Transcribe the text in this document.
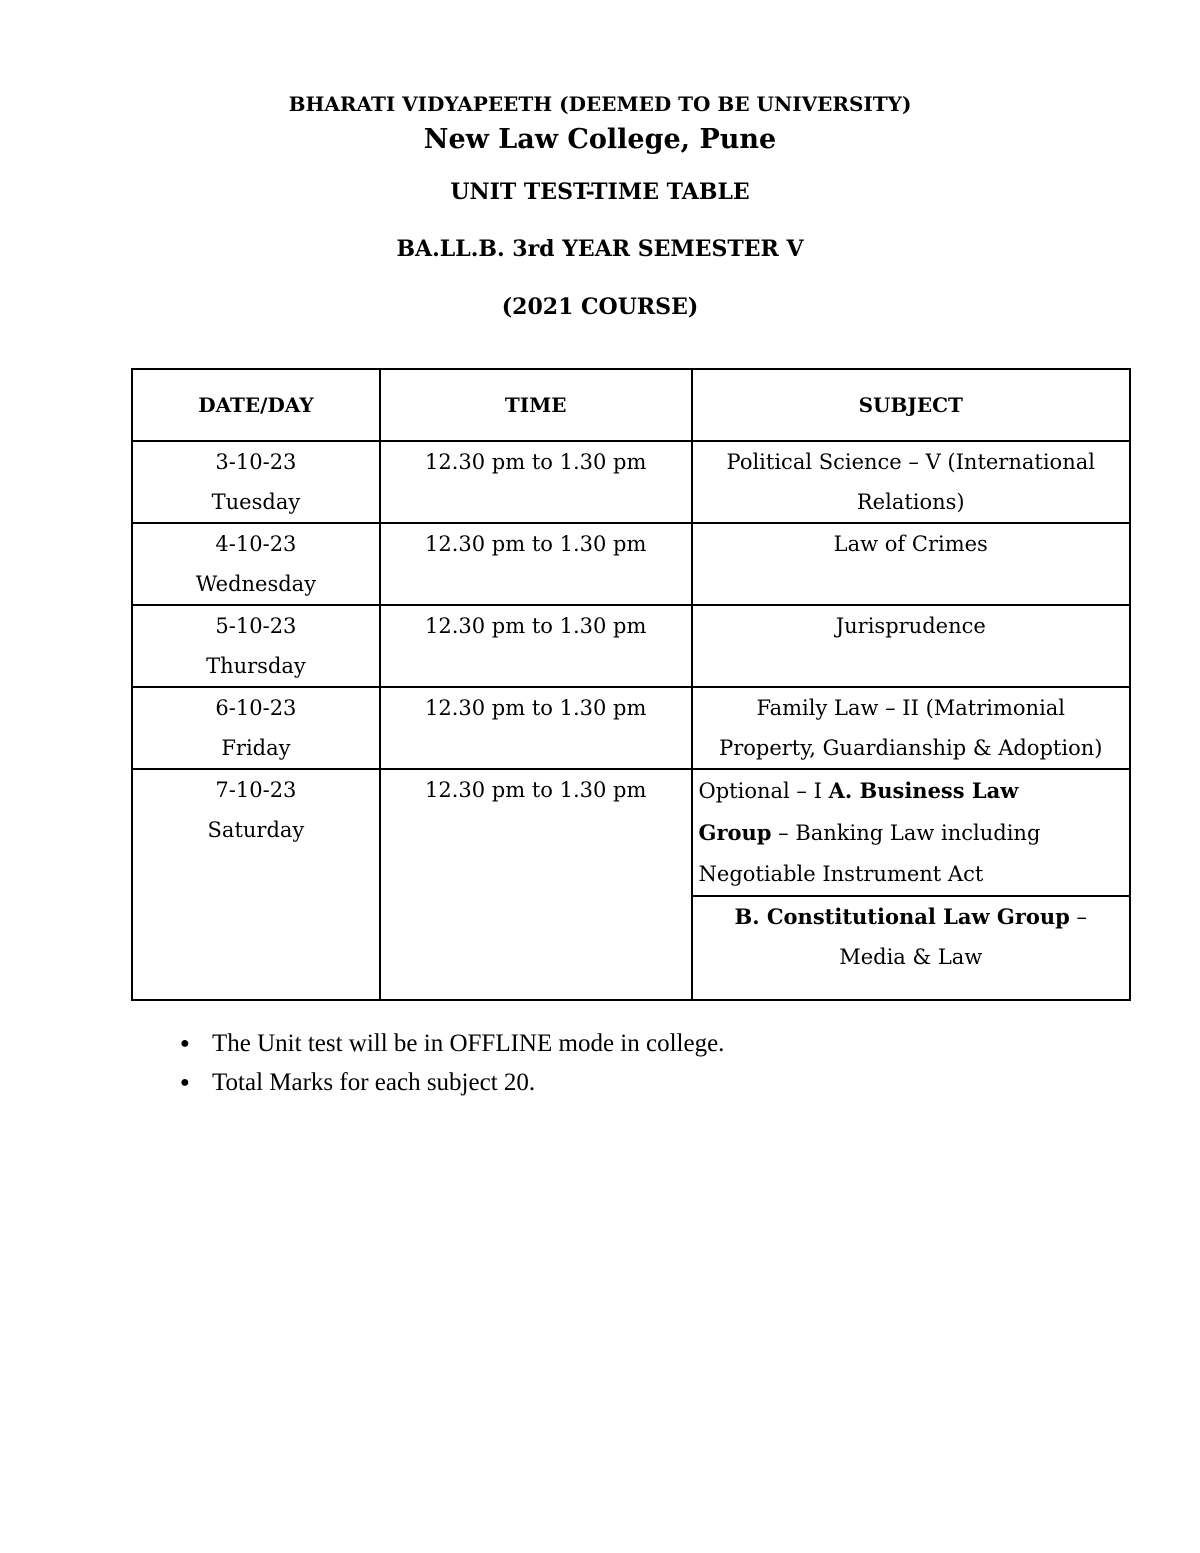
BHARATI VIDYAPEETH (DEEMED TO BE UNIVERSITY)

New Law College, Pune

UNIT TEST-TIME TABLE

BA.LL.B. 3rd YEAR SEMESTER V

(2021 COURSE)

DATE/DAY	TIME	SUBJECT

3-10-23
Tuesday	12.30 pm to 1.30 pm	Political Science – V (International
Relations)

4-10-23
Wednesday	12.30 pm to 1.30 pm	Law of Crimes

5-10-23
Thursday	12.30 pm to 1.30 pm	Jurisprudence

6-10-23
Friday	12.30 pm to 1.30 pm	Family Law – II (Matrimonial
Property, Guardianship & Adoption)

7-10-23
Saturday	12.30 pm to 1.30 pm	Optional – I A. Business Law
Group – Banking Law including
Negotiable Instrument Act
		B. Constitutional Law Group –
Media & Law
● The Unit test will be in OFFLINE mode in college.
● Total Marks for each subject 20.
